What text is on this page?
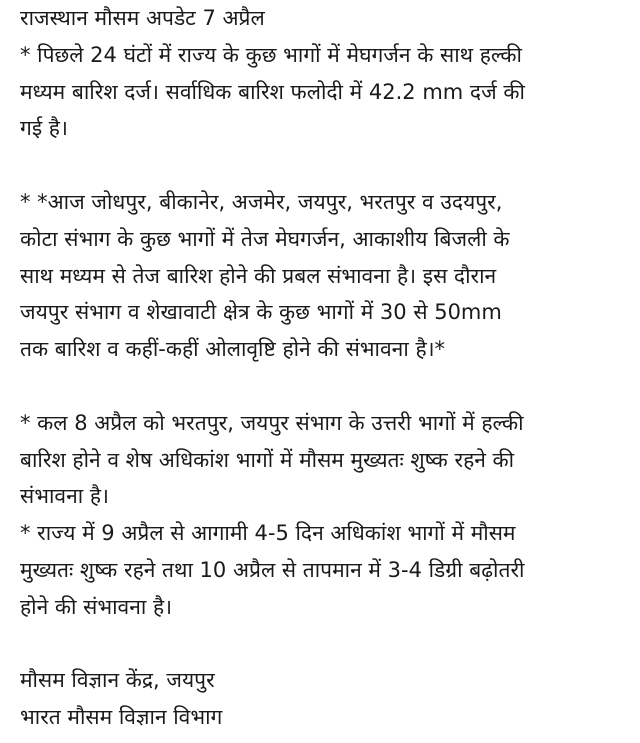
राजस्थान मौसम अपडेट 7 अप्रैल
* पिछले 24 घंटों में राज्य के कुछ भागों में मेघगर्जन के साथ हल्की
मध्यम बारिश दर्ज। सर्वाधिक बारिश फलोदी में 42.2 mm दर्ज की
गई है।
* *आज जोधपुर, बीकानेर, अजमेर, जयपुर, भरतपुर व उदयपुर,
कोटा संभाग के कुछ भागों में तेज मेघगर्जन, आकाशीय बिजली के
साथ मध्यम से तेज बारिश होने की प्रबल संभावना है। इस दौरान
जयपुर संभाग व शेखावाटी क्षेत्र के कुछ भागों में 30 से 50mm
तक बारिश व कहीं-कहीं ओलावृष्टि होने की संभावना है।*
* कल 8 अप्रैल को भरतपुर, जयपुर संभाग के उत्तरी भागों में हल्की
बारिश होने व शेष अधिकांश भागों में मौसम मुख्यतः शुष्क रहने की
संभावना है।
* राज्य में 9 अप्रैल से आगामी 4-5 दिन अधिकांश भागों में मौसम
मुख्यतः शुष्क रहने तथा 10 अप्रैल से तापमान में 3-4 डिग्री बढ़ोतरी
होने की संभावना है।
मौसम विज्ञान केंद्र, जयपुर
भारत मौसम विज्ञान विभाग
